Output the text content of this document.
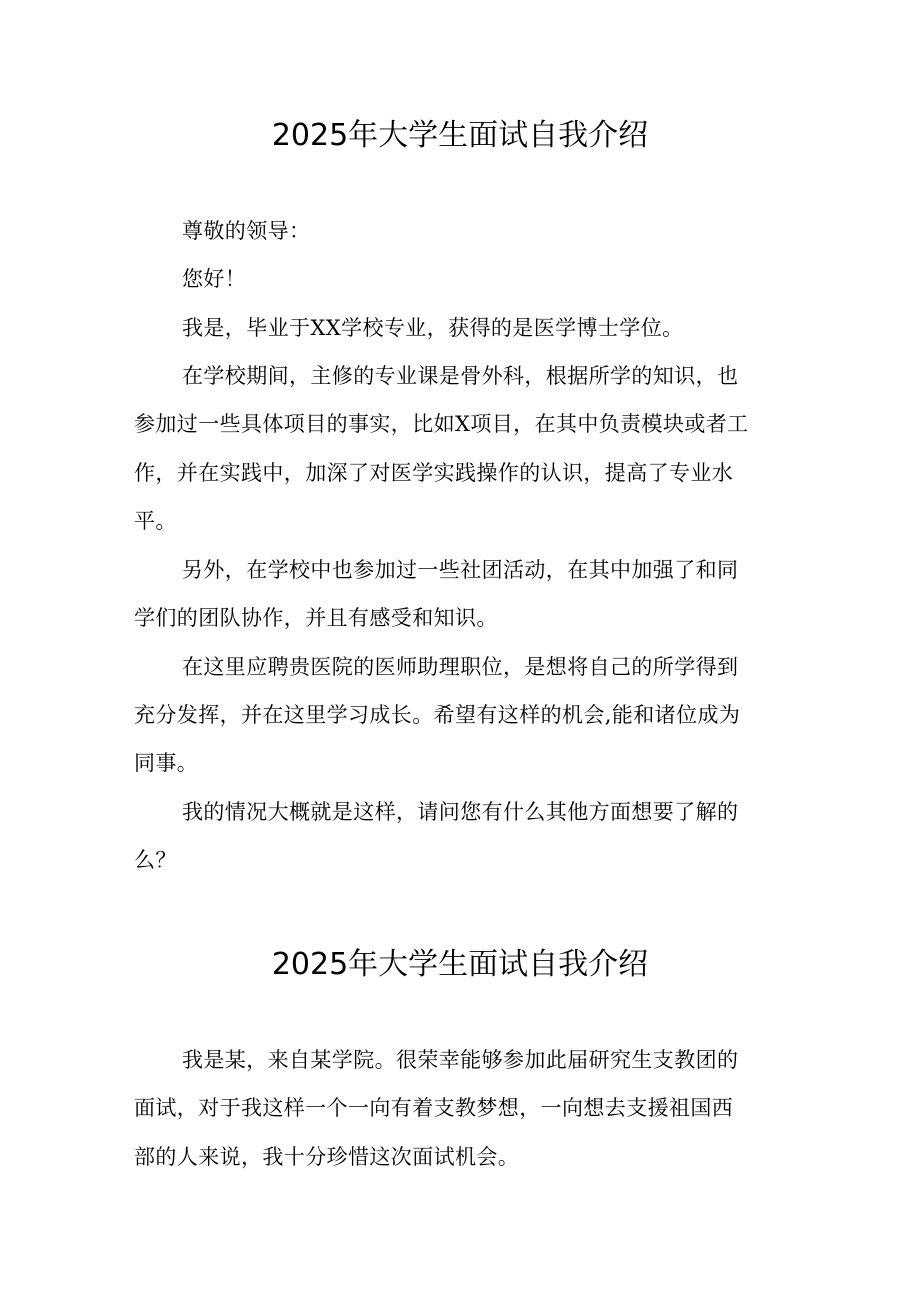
2025年大学生面试自我介绍
尊敬的领导：
您好！
我是，毕业于XX学校专业，获得的是医学博士学位。
在学校期间，主修的专业课是骨外科，根据所学的知识，也
参加过一些具体项目的事实，比如X项目，在其中负责模块或者工
作，并在实践中，加深了对医学实践操作的认识，提高了专业水
平。
另外，在学校中也参加过一些社团活动，在其中加强了和同
学们的团队协作，并且有感受和知识。
在这里应聘贵医院的医师助理职位，是想将自己的所学得到
充分发挥，并在这里学习成长。希望有这样的机会,能和诸位成为
同事。
我的情况大概就是这样，请问您有什么其他方面想要了解的
么？
2025年大学生面试自我介绍
我是某，来自某学院。很荣幸能够参加此届研究生支教团的
面试，对于我这样一个一向有着支教梦想，一向想去支援祖国西
部的人来说，我十分珍惜这次面试机会。
